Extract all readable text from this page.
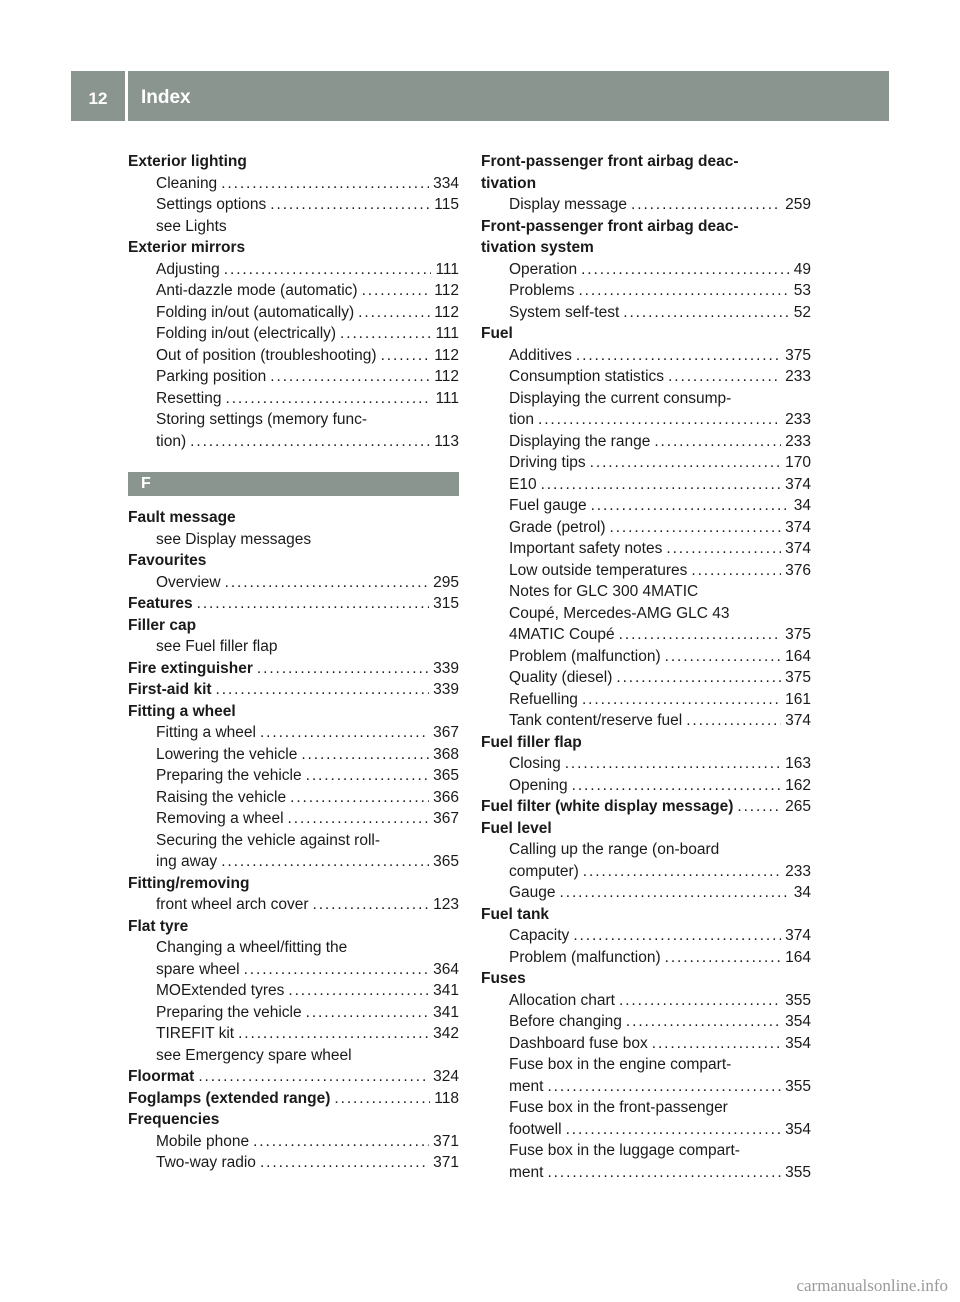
12	Index
Exterior lighting
Cleaning . . .	334
Settings options . . .	115
see Lights
Exterior mirrors
Adjusting . . .	111
Anti-dazzle mode (automatic) . . .	112
Folding in/out (automatically) . . .	112
Folding in/out (electrically) . . .	111
Out of position (troubleshooting) . . .	112
Parking position . . .	112
Resetting . . .	111
Storing settings (memory func-
tion) . . .	113
F
Fault message
see Display messages
Favourites
Overview . . .	295
Features . . .	315
Filler cap
see Fuel filler flap
Fire extinguisher . . .	339
First-aid kit . . .	339
Fitting a wheel
Fitting a wheel . . .	367
Lowering the vehicle . . .	368
Preparing the vehicle . . .	365
Raising the vehicle . . .	366
Removing a wheel . . .	367
Securing the vehicle against roll-
ing away . . .	365
Fitting/removing
front wheel arch cover . . .	123
Flat tyre
Changing a wheel/fitting the
spare wheel . . .	364
MOExtended tyres . . .	341
Preparing the vehicle . . .	341
TIREFIT kit . . .	342
see Emergency spare wheel
Floormat . . .	324
Foglamps (extended range) . . .	118
Frequencies
Mobile phone . . .	371
Two-way radio . . .	371
Front-passenger front airbag deac-
tivation
Display message . . .	259
Front-passenger front airbag deac-
tivation system
Operation . . .	49
Problems . . .	53
System self-test . . .	52
Fuel
Additives . . .	375
Consumption statistics . . .	233
Displaying the current consump-
tion . . .	233
Displaying the range . . .	233
Driving tips . . .	170
E10 . . .	374
Fuel gauge . . .	34
Grade (petrol) . . .	374
Important safety notes . . .	374
Low outside temperatures . . .	376
Notes for GLC 300 4MATIC
Coupé, Mercedes-AMG GLC 43
4MATIC Coupé . . .	375
Problem (malfunction) . . .	164
Quality (diesel) . . .	375
Refuelling . . .	161
Tank content/reserve fuel . . .	374
Fuel filler flap
Closing . . .	163
Opening . . .	162
Fuel filter (white display message) . . .	265
Fuel level
Calling up the range (on-board
computer) . . .	233
Gauge . . .	34
Fuel tank
Capacity . . .	374
Problem (malfunction) . . .	164
Fuses
Allocation chart . . .	355
Before changing . . .	354
Dashboard fuse box . . .	354
Fuse box in the engine compart-
ment . . .	355
Fuse box in the front-passenger
footwell . . .	354
Fuse box in the luggage compart-
ment . . .	355
carmanualsonline.info
